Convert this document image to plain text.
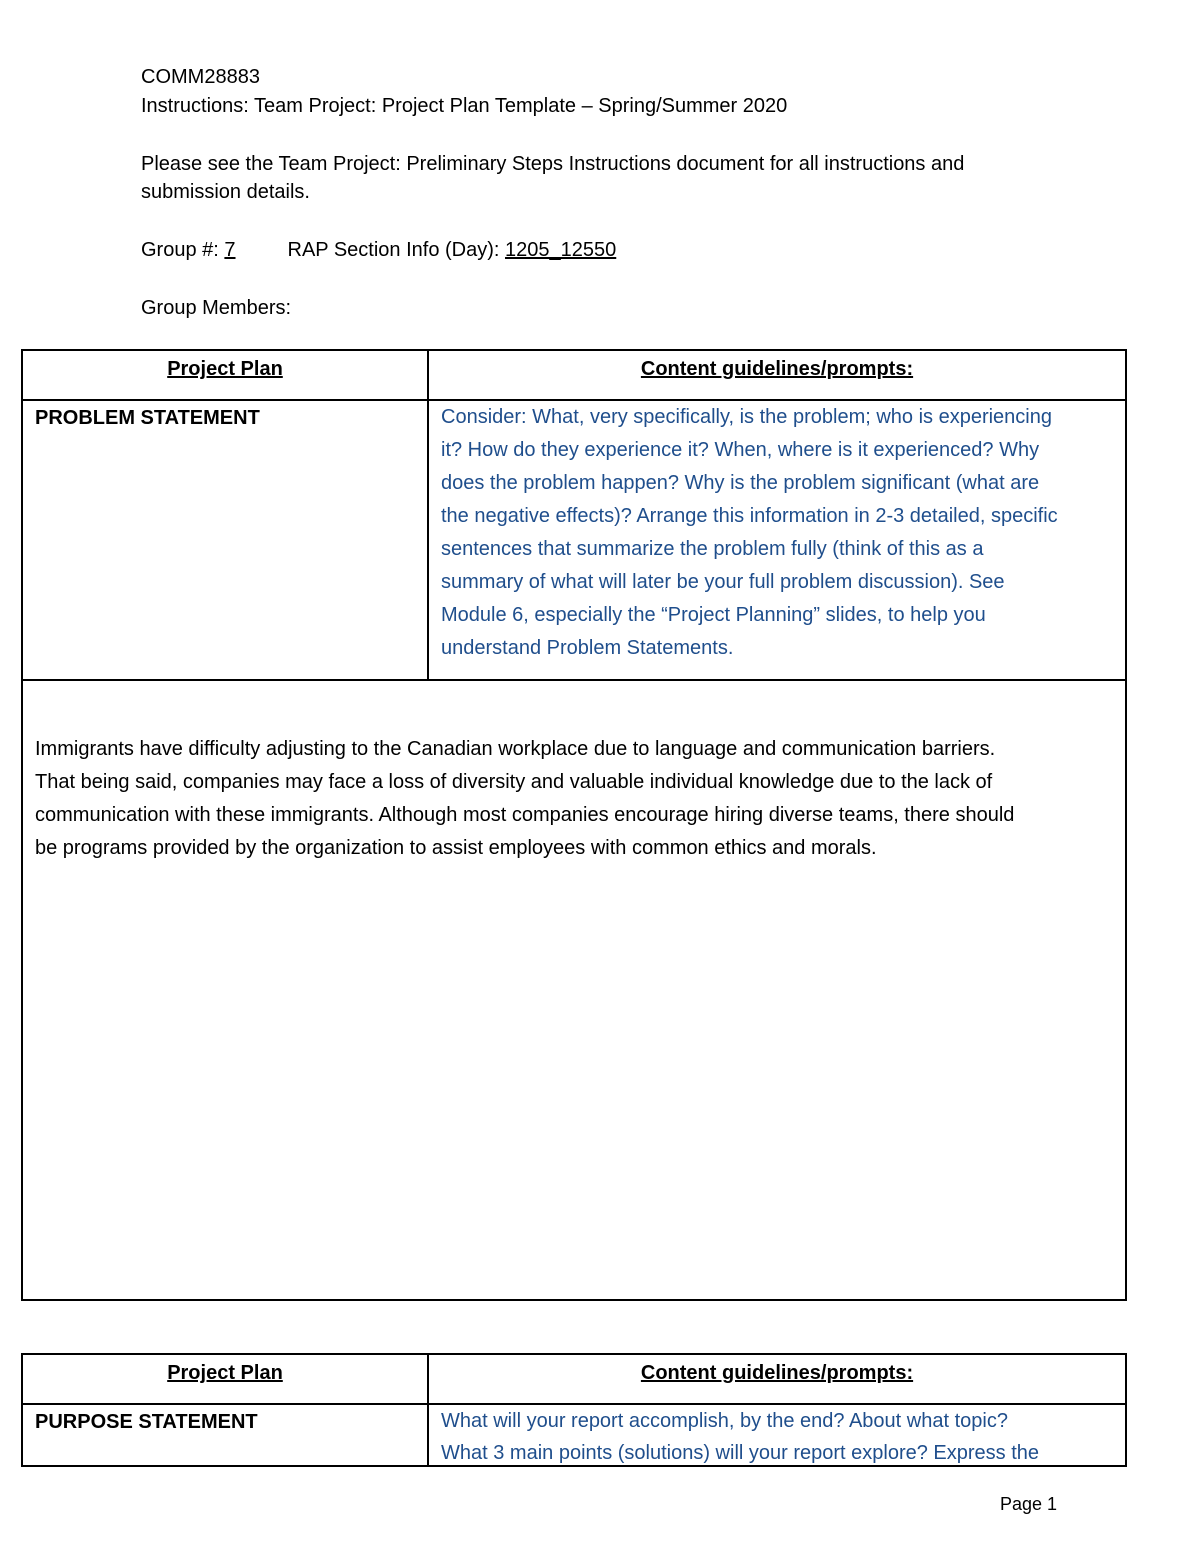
COMM28883
Instructions: Team Project: Project Plan Template – Spring/Summer 2020
Please see the Team Project: Preliminary Steps Instructions document for all instructions and
submission details.
Group #: 7	RAP Section Info (Day): 1205_12550
Group Members:
Project Plan	Content guidelines/prompts:
PROBLEM STATEMENT	Consider: What, very specifically, is the problem; who is experiencing
it? How do they experience it? When, where is it experienced? Why
does the problem happen? Why is the problem significant (what are
the negative effects)? Arrange this information in 2-3 detailed, specific
sentences that summarize the problem fully (think of this as a
summary of what will later be your full problem discussion). See
Module 6, especially the “Project Planning” slides, to help you
understand Problem Statements.
Immigrants have difficulty adjusting to the Canadian workplace due to language and communication barriers.
That being said, companies may face a loss of diversity and valuable individual knowledge due to the lack of
communication with these immigrants. Although most companies encourage hiring diverse teams, there should
be programs provided by the organization to assist employees with common ethics and morals.
Project Plan	Content guidelines/prompts:
PURPOSE STATEMENT	What will your report accomplish, by the end? About what topic?
What 3 main points (solutions) will your report explore? Express the
Page 1
